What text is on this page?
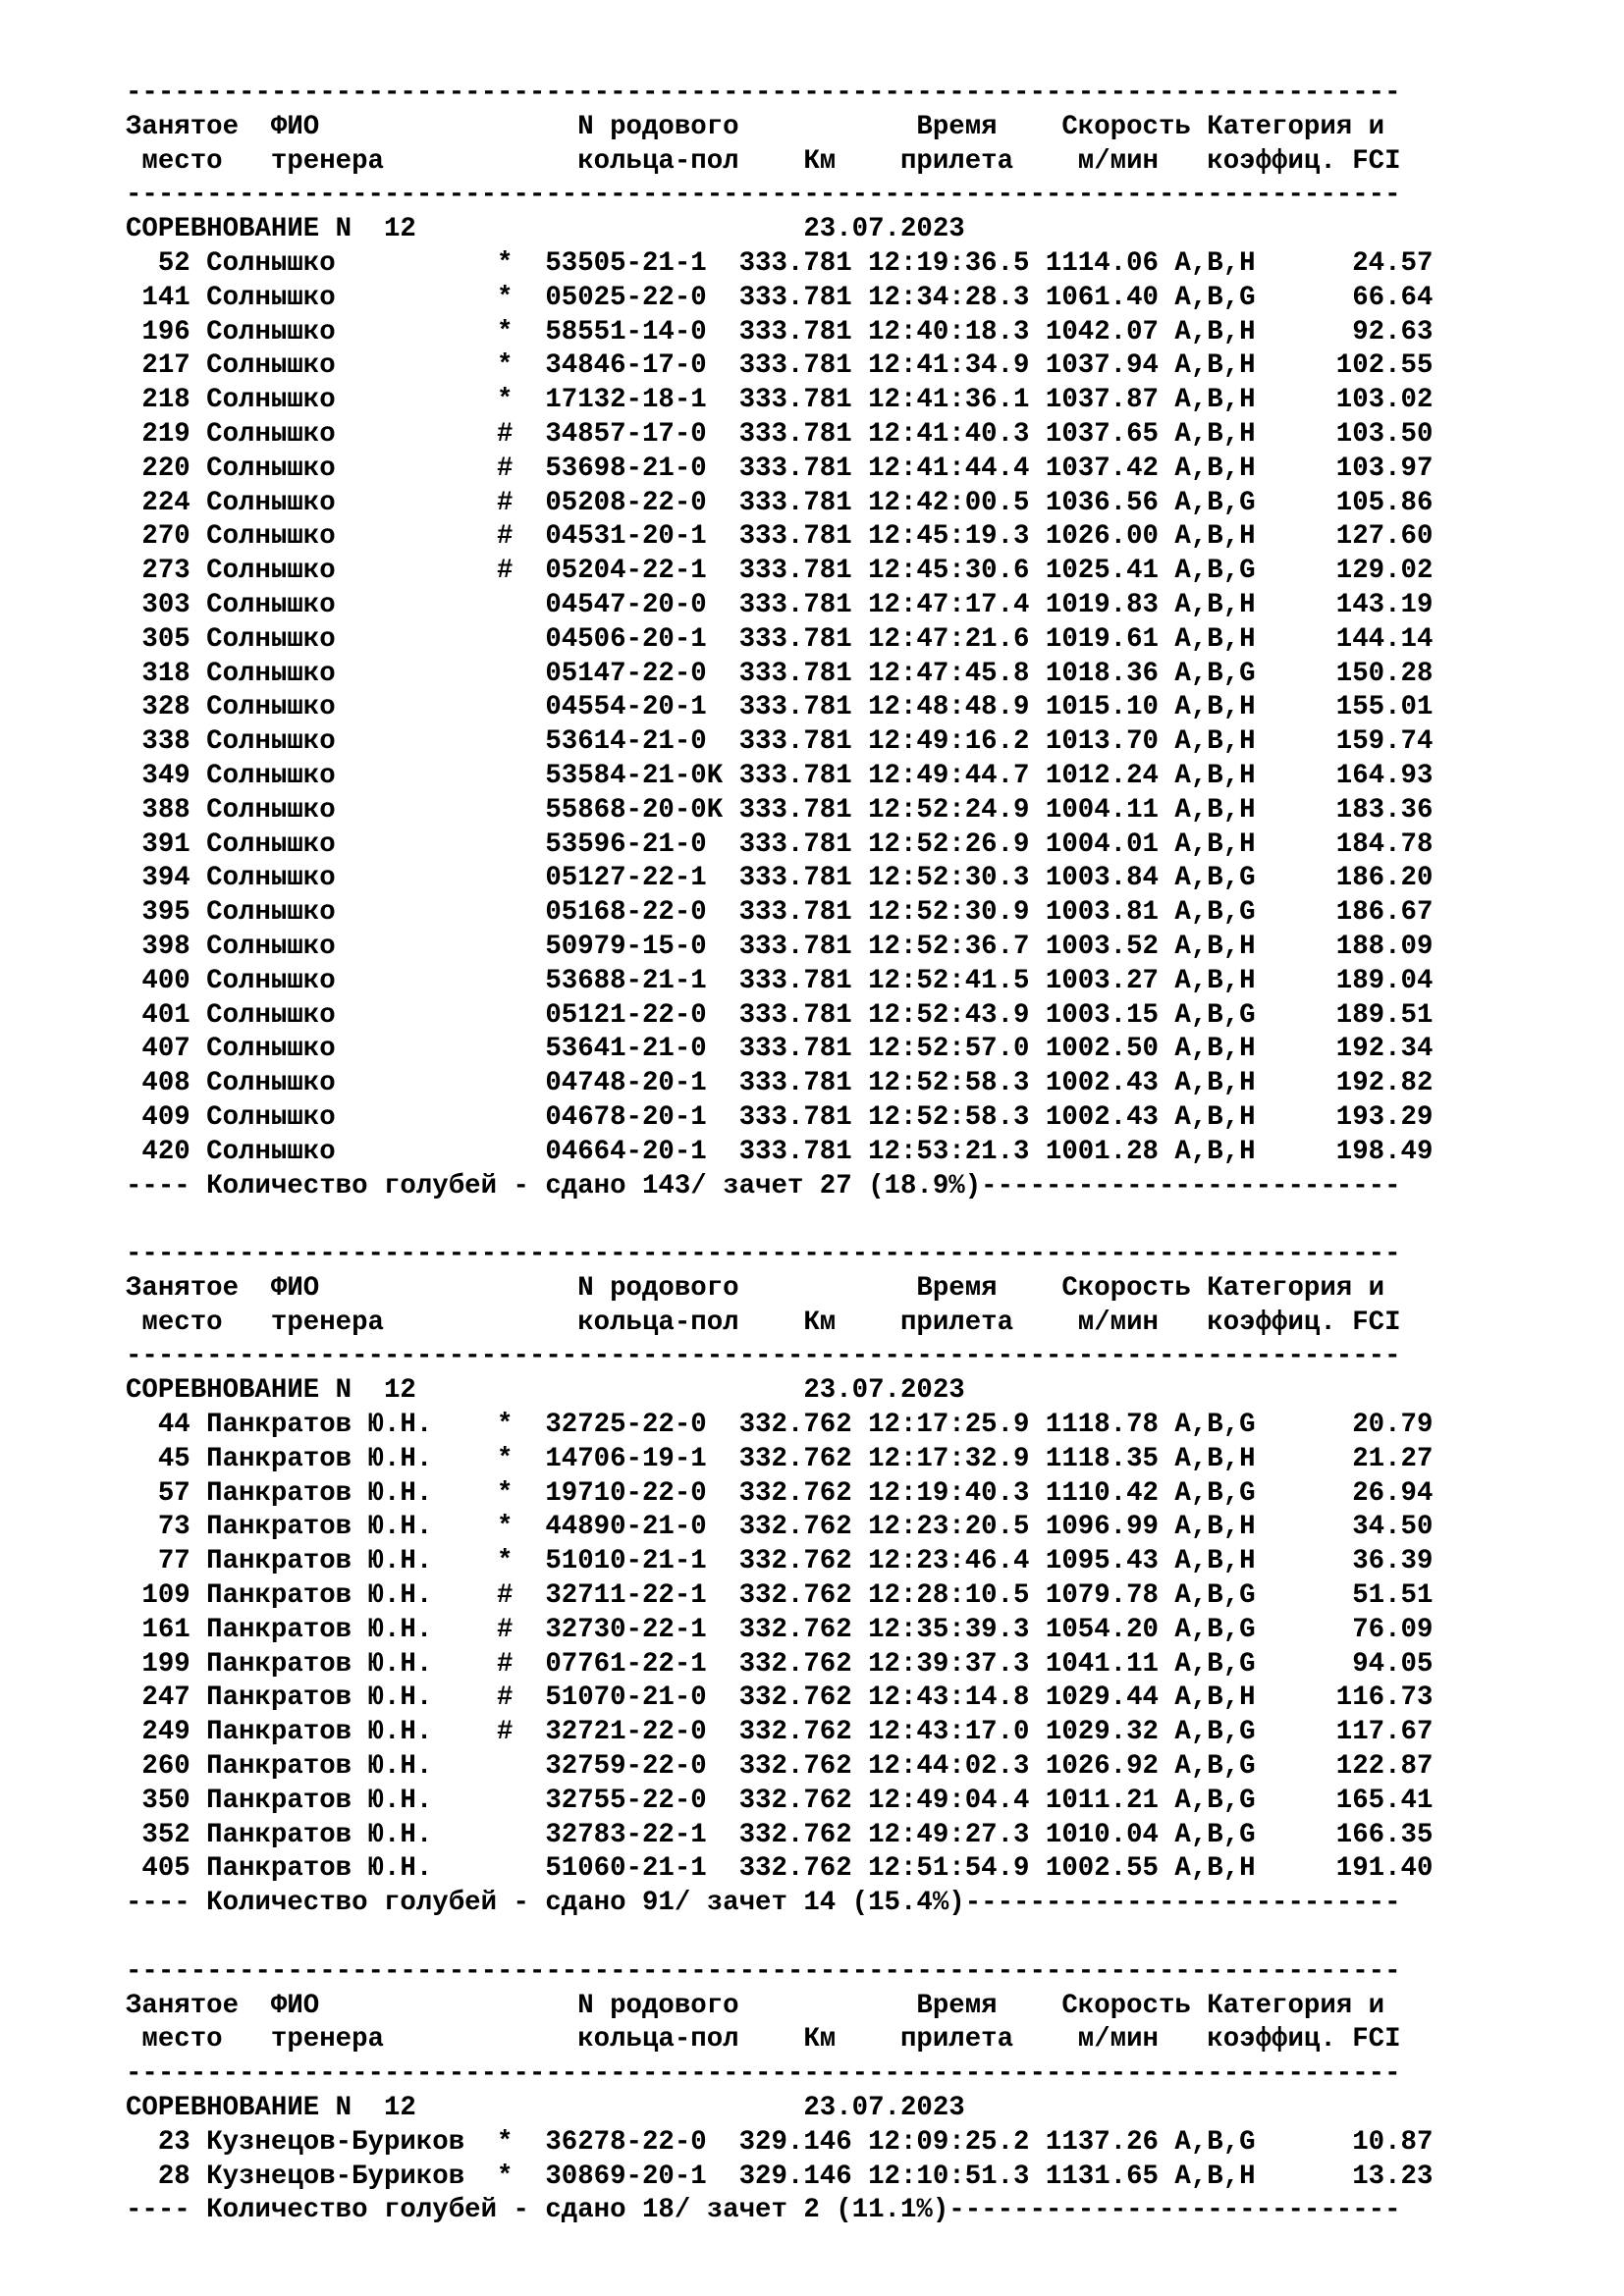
-------------------------------------------------------------------------------
Занятое  ФИО                N родового           Время    Скорость Категория и
место   тренера            кольца-пол    Км    прилета    м/мин   коэффиц. FCI
-------------------------------------------------------------------------------
СОРЕВНОВАНИЕ N  12                        23.07.2023
52 Солнышко          *  53505-21-1  333.781 12:19:36.5 1114.06 A,B,H      24.57
141 Солнышко          *  05025-22-0  333.781 12:34:28.3 1061.40 A,B,G      66.64
196 Солнышко          *  58551-14-0  333.781 12:40:18.3 1042.07 A,B,H      92.63
217 Солнышко          *  34846-17-0  333.781 12:41:34.9 1037.94 A,B,H     102.55
218 Солнышко          *  17132-18-1  333.781 12:41:36.1 1037.87 A,B,H     103.02
219 Солнышко          #  34857-17-0  333.781 12:41:40.3 1037.65 A,B,H     103.50
220 Солнышко          #  53698-21-0  333.781 12:41:44.4 1037.42 A,B,H     103.97
224 Солнышко          #  05208-22-0  333.781 12:42:00.5 1036.56 A,B,G     105.86
270 Солнышко          #  04531-20-1  333.781 12:45:19.3 1026.00 A,B,H     127.60
273 Солнышко          #  05204-22-1  333.781 12:45:30.6 1025.41 A,B,G     129.02
303 Солнышко             04547-20-0  333.781 12:47:17.4 1019.83 A,B,H     143.19
305 Солнышко             04506-20-1  333.781 12:47:21.6 1019.61 A,B,H     144.14
318 Солнышко             05147-22-0  333.781 12:47:45.8 1018.36 A,B,G     150.28
328 Солнышко             04554-20-1  333.781 12:48:48.9 1015.10 A,B,H     155.01
338 Солнышко             53614-21-0  333.781 12:49:16.2 1013.70 A,B,H     159.74
349 Солнышко             53584-21-0K 333.781 12:49:44.7 1012.24 A,B,H     164.93
388 Солнышко             55868-20-0K 333.781 12:52:24.9 1004.11 A,B,H     183.36
391 Солнышко             53596-21-0  333.781 12:52:26.9 1004.01 A,B,H     184.78
394 Солнышко             05127-22-1  333.781 12:52:30.3 1003.84 A,B,G     186.20
395 Солнышко             05168-22-0  333.781 12:52:30.9 1003.81 A,B,G     186.67
398 Солнышко             50979-15-0  333.781 12:52:36.7 1003.52 A,B,H     188.09
400 Солнышко             53688-21-1  333.781 12:52:41.5 1003.27 A,B,H     189.04
401 Солнышко             05121-22-0  333.781 12:52:43.9 1003.15 A,B,G     189.51
407 Солнышко             53641-21-0  333.781 12:52:57.0 1002.50 A,B,H     192.34
408 Солнышко             04748-20-1  333.781 12:52:58.3 1002.43 A,B,H     192.82
409 Солнышко             04678-20-1  333.781 12:52:58.3 1002.43 A,B,H     193.29
420 Солнышко             04664-20-1  333.781 12:53:21.3 1001.28 A,B,H     198.49
---- Количество голубей - сдано 143/ зачет 27 (18.9%)--------------------------
-------------------------------------------------------------------------------
Занятое  ФИО                N родового           Время    Скорость Категория и
место   тренера            кольца-пол    Км    прилета    м/мин   коэффиц. FCI
-------------------------------------------------------------------------------
СОРЕВНОВАНИЕ N  12                        23.07.2023
44 Панкратов Ю.Н.    *  32725-22-0  332.762 12:17:25.9 1118.78 A,B,G      20.79
45 Панкратов Ю.Н.    *  14706-19-1  332.762 12:17:32.9 1118.35 A,B,H      21.27
57 Панкратов Ю.Н.    *  19710-22-0  332.762 12:19:40.3 1110.42 A,B,G      26.94
73 Панкратов Ю.Н.    *  44890-21-0  332.762 12:23:20.5 1096.99 A,B,H      34.50
77 Панкратов Ю.Н.    *  51010-21-1  332.762 12:23:46.4 1095.43 A,B,H      36.39
109 Панкратов Ю.Н.    #  32711-22-1  332.762 12:28:10.5 1079.78 A,B,G      51.51
161 Панкратов Ю.Н.    #  32730-22-1  332.762 12:35:39.3 1054.20 A,B,G      76.09
199 Панкратов Ю.Н.    #  07761-22-1  332.762 12:39:37.3 1041.11 A,B,G      94.05
247 Панкратов Ю.Н.    #  51070-21-0  332.762 12:43:14.8 1029.44 A,B,H     116.73
249 Панкратов Ю.Н.    #  32721-22-0  332.762 12:43:17.0 1029.32 A,B,G     117.67
260 Панкратов Ю.Н.       32759-22-0  332.762 12:44:02.3 1026.92 A,B,G     122.87
350 Панкратов Ю.Н.       32755-22-0  332.762 12:49:04.4 1011.21 A,B,G     165.41
352 Панкратов Ю.Н.       32783-22-1  332.762 12:49:27.3 1010.04 A,B,G     166.35
405 Панкратов Ю.Н.       51060-21-1  332.762 12:51:54.9 1002.55 A,B,H     191.40
---- Количество голубей - сдано 91/ зачет 14 (15.4%)---------------------------
-------------------------------------------------------------------------------
Занятое  ФИО                N родового           Время    Скорость Категория и
место   тренера            кольца-пол    Км    прилета    м/мин   коэффиц. FCI
-------------------------------------------------------------------------------
СОРЕВНОВАНИЕ N  12                        23.07.2023
23 Кузнецов-Буриков  *  36278-22-0  329.146 12:09:25.2 1137.26 A,B,G      10.87
28 Кузнецов-Буриков  *  30869-20-1  329.146 12:10:51.3 1131.65 A,B,H      13.23
---- Количество голубей - сдано 18/ зачет 2 (11.1%)----------------------------
